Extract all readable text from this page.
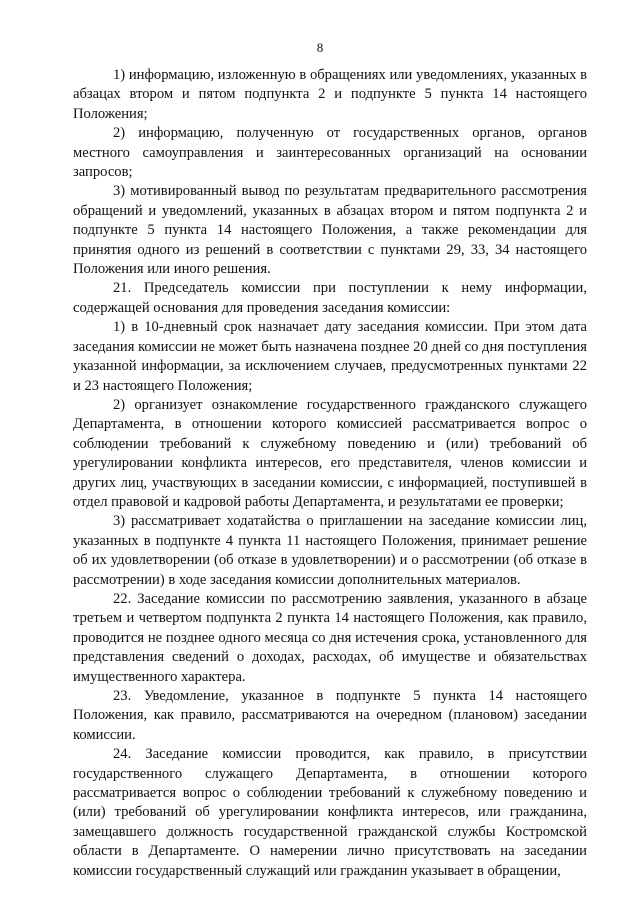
8

1) информацию, изложенную в обращениях или уведомлениях, указанных в абзацах втором и пятом подпункта 2 и подпункте 5 пункта 14 настоящего Положения;

2) информацию, полученную от государственных органов, органов местного самоуправления и заинтересованных организаций на основании запросов;

3) мотивированный вывод по результатам предварительного рассмотрения обращений и уведомлений, указанных в абзацах втором и пятом подпункта 2 и подпункте 5 пункта 14 настоящего Положения, а также рекомендации для принятия одного из решений в соответствии с пунктами 29, 33, 34 настоящего Положения или иного решения.

21. Председатель комиссии при поступлении к нему информации, содержащей основания для проведения заседания комиссии:

1) в 10-дневный срок назначает дату заседания комиссии. При этом дата заседания комиссии не может быть назначена позднее 20 дней со дня поступления указанной информации, за исключением случаев, предусмотренных пунктами 22 и 23 настоящего Положения;

2) организует ознакомление государственного гражданского служащего Департамента, в отношении которого комиссией рассматривается вопрос о соблюдении требований к служебному поведению и (или) требований об урегулировании конфликта интересов, его представителя, членов комиссии и других лиц, участвующих в заседании комиссии, с информацией, поступившей в отдел правовой и кадровой работы Департамента, и результатами ее проверки;

3) рассматривает ходатайства о приглашении на заседание комиссии лиц, указанных в подпункте 4 пункта 11 настоящего Положения, принимает решение об их удовлетворении (об отказе в удовлетворении) и о рассмотрении (об отказе в рассмотрении) в ходе заседания комиссии дополнительных материалов.

22. Заседание комиссии по рассмотрению заявления, указанного в абзаце третьем и четвертом подпункта 2 пункта 14 настоящего Положения, как правило, проводится не позднее одного месяца со дня истечения срока, установленного для представления сведений о доходах, расходах, об имуществе и обязательствах имущественного характера.

23. Уведомление, указанное в подпункте 5 пункта 14 настоящего Положения, как правило, рассматриваются на очередном (плановом) заседании комиссии.

24. Заседание комиссии проводится, как правило, в присутствии государственного служащего Департамента, в отношении которого рассматривается вопрос о соблюдении требований к служебному поведению и (или) требований об урегулировании конфликта интересов, или гражданина, замещавшего должность государственной гражданской службы Костромской области в Департаменте. О намерении лично присутствовать на заседании комиссии государственный служащий или гражданин указывает в обращении,
